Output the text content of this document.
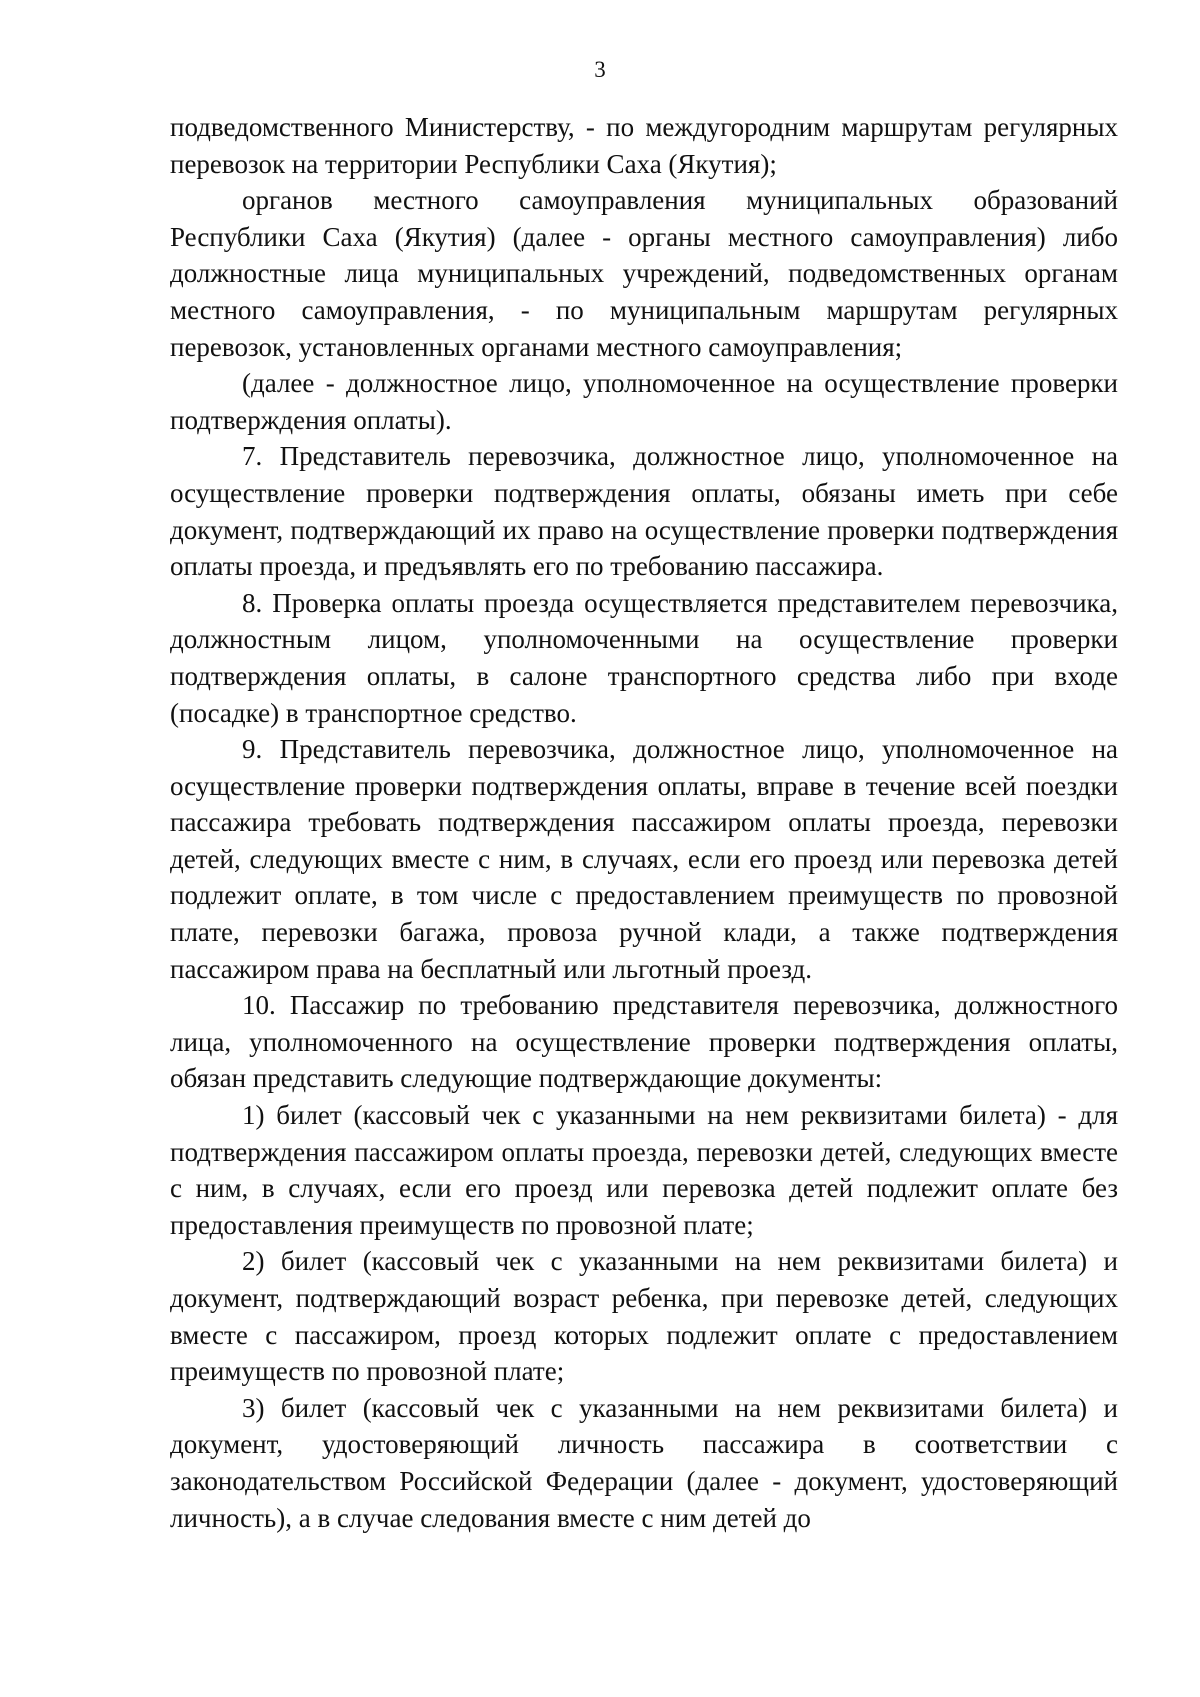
3

подведомственного Министерству, - по междугородним маршрутам регулярных перевозок на территории Республики Саха (Якутия);

органов местного самоуправления муниципальных образований Республики Саха (Якутия) (далее - органы местного самоуправления) либо должностные лица муниципальных учреждений, подведомственных органам местного самоуправления, - по муниципальным маршрутам регулярных перевозок, установленных органами местного самоуправления;

(далее - должностное лицо, уполномоченное на осуществление проверки подтверждения оплаты).

7. Представитель перевозчика, должностное лицо, уполномоченное на осуществление проверки подтверждения оплаты, обязаны иметь при себе документ, подтверждающий их право на осуществление проверки подтверждения оплаты проезда, и предъявлять его по требованию пассажира.

8. Проверка оплаты проезда осуществляется представителем перевозчика, должностным лицом, уполномоченными на осуществление проверки подтверждения оплаты, в салоне транспортного средства либо при входе (посадке) в транспортное средство.

9. Представитель перевозчика, должностное лицо, уполномоченное на осуществление проверки подтверждения оплаты, вправе в течение всей поездки пассажира требовать подтверждения пассажиром оплаты проезда, перевозки детей, следующих вместе с ним, в случаях, если его проезд или перевозка детей подлежит оплате, в том числе с предоставлением преимуществ по провозной плате, перевозки багажа, провоза ручной клади, а также подтверждения пассажиром права на бесплатный или льготный проезд.

10. Пассажир по требованию представителя перевозчика, должностного лица, уполномоченного на осуществление проверки подтверждения оплаты, обязан представить следующие подтверждающие документы:

1) билет (кассовый чек с указанными на нем реквизитами билета) - для подтверждения пассажиром оплаты проезда, перевозки детей, следующих вместе с ним, в случаях, если его проезд или перевозка детей подлежит оплате без предоставления преимуществ по провозной плате;

2) билет (кассовый чек с указанными на нем реквизитами билета) и документ, подтверждающий возраст ребенка, при перевозке детей, следующих вместе с пассажиром, проезд которых подлежит оплате с предоставлением преимуществ по провозной плате;

3) билет (кассовый чек с указанными на нем реквизитами билета) и документ, удостоверяющий личность пассажира в соответствии с законодательством Российской Федерации (далее - документ, удостоверяющий личность), а в случае следования вместе с ним детей до
